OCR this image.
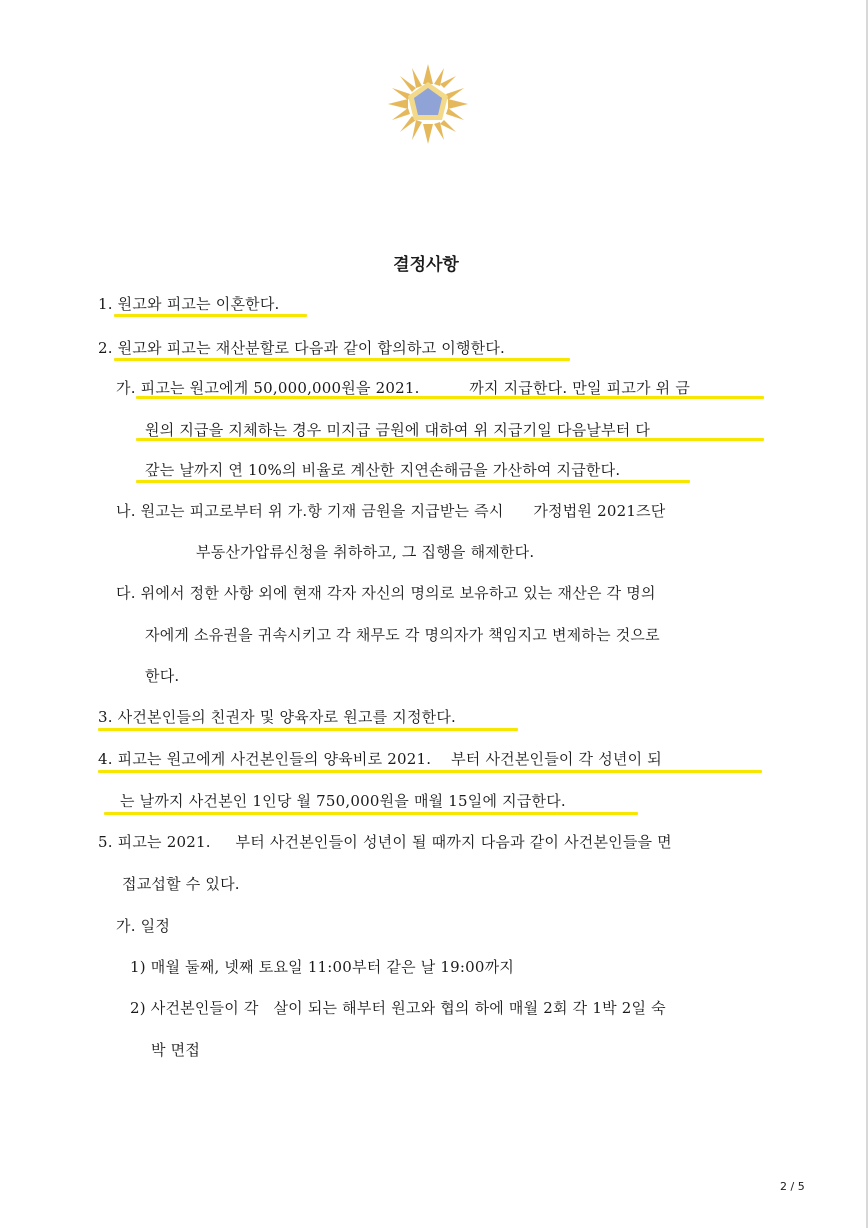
결정사항
1. 원고와 피고는 이혼한다.
2. 원고와 피고는 재산분할로 다음과 같이 합의하고 이행한다.
가. 피고는 원고에게 50,000,000원을 2021.          까지 지급한다. 만일 피고가 위 금
원의 지급을 지체하는 경우 미지급 금원에 대하여 위 지급기일 다음날부터 다
갚는 날까지 연 10%의 비율로 계산한 지연손해금을 가산하여 지급한다.
나. 원고는 피고로부터 위 가.항 기재 금원을 지급받는 즉시      가정법원 2021즈단
부동산가압류신청을 취하하고, 그 집행을 해제한다.
다. 위에서 정한 사항 외에 현재 각자 자신의 명의로 보유하고 있는 재산은 각 명의
자에게 소유권을 귀속시키고 각 채무도 각 명의자가 책임지고 변제하는 것으로
한다.
3. 사건본인들의 친권자 및 양육자로 원고를 지정한다.
4. 피고는 원고에게 사건본인들의 양육비로 2021.    부터 사건본인들이 각 성년이 되
는 날까지 사건본인 1인당 월 750,000원을 매월 15일에 지급한다.
5. 피고는 2021.     부터 사건본인들이 성년이 될 때까지 다음과 같이 사건본인들을 면
접교섭할 수 있다.
가. 일정
1) 매월 둘째, 넷째 토요일 11:00부터 같은 날 19:00까지
2) 사건본인들이 각   살이 되는 해부터 원고와 협의 하에 매월 2회 각 1박 2일 숙
박 면접
2 / 5
